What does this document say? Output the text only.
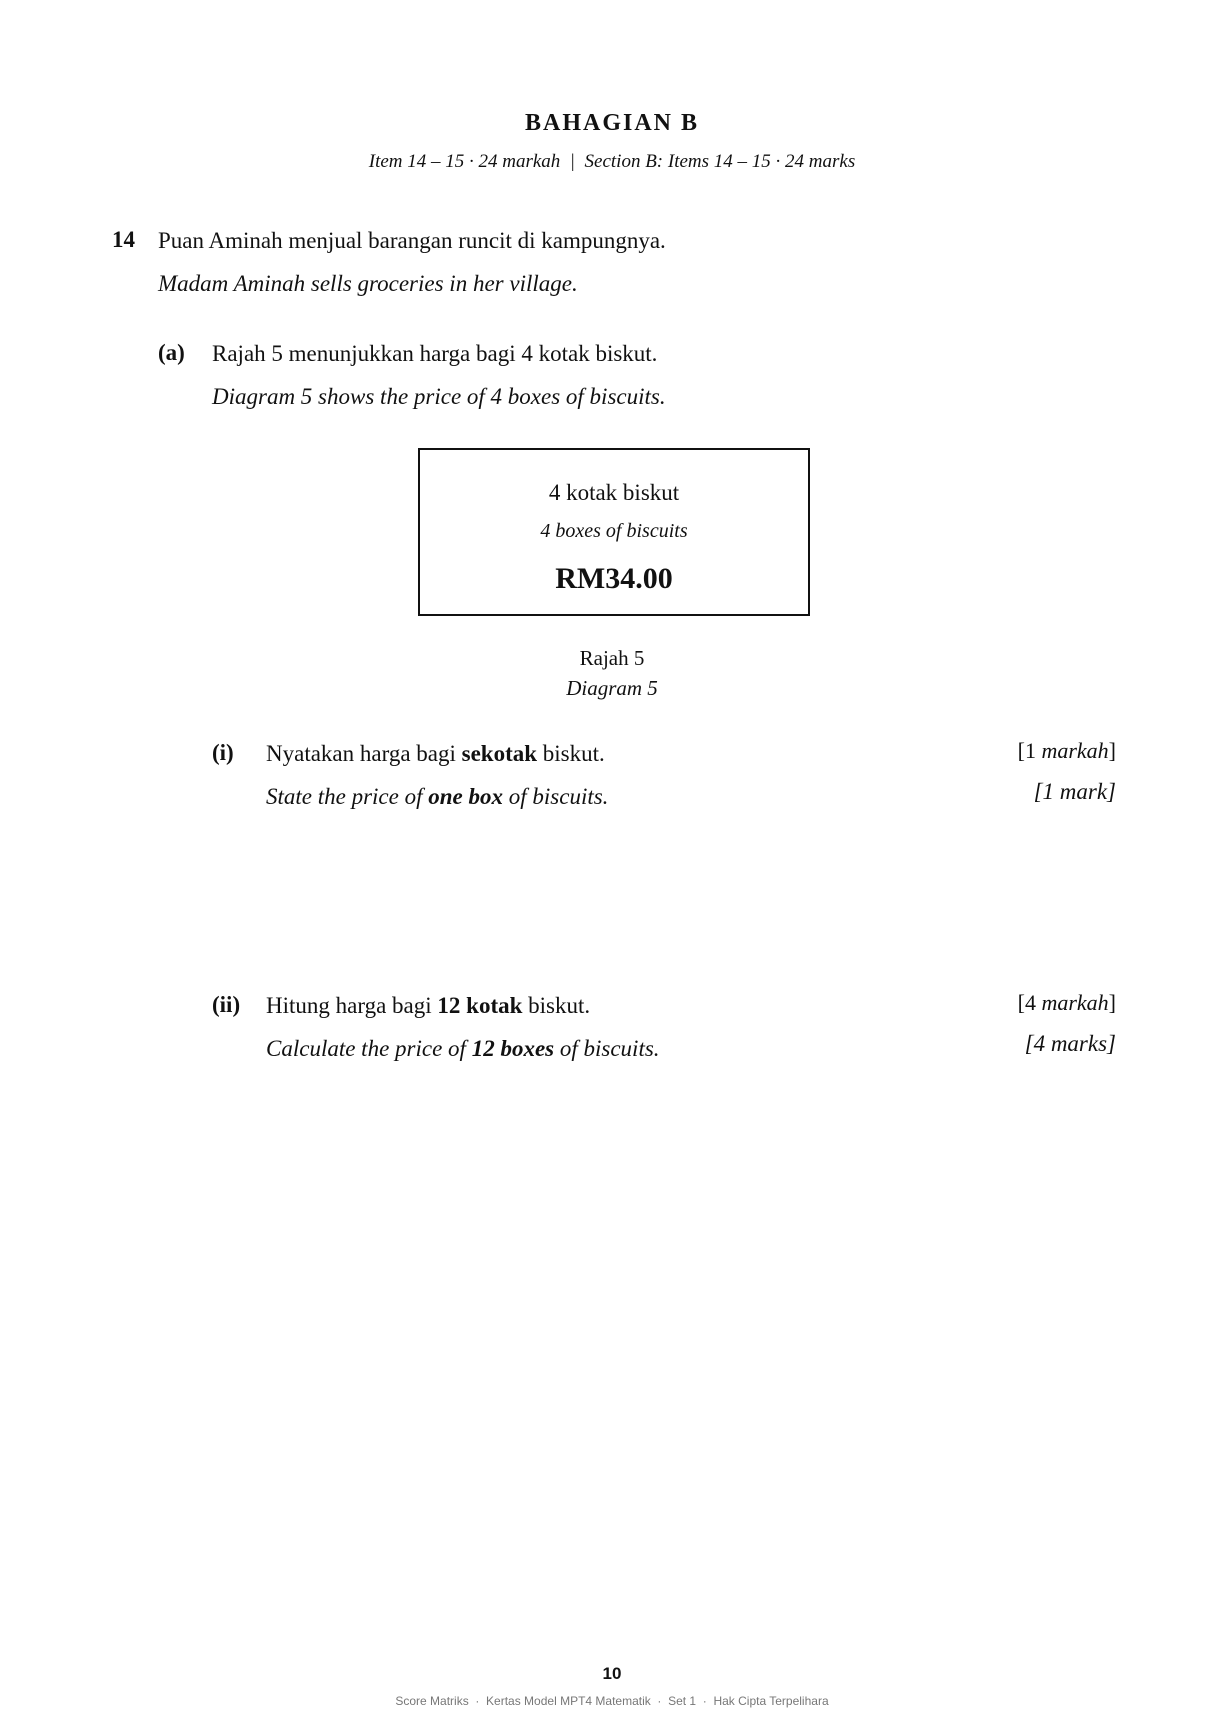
BAHAGIAN B
Item 14 – 15 · 24 markah  |  Section B: Items 14 – 15 · 24 marks
14 Puan Aminah menjual barangan runcit di kampungnya.
Madam Aminah sells groceries in her village.
(a) Rajah 5 menunjukkan harga bagi 4 kotak biskut.
Diagram 5 shows the price of 4 boxes of biscuits.
4 kotak biskut
4 boxes of biscuits
RM34.00
Rajah 5
Diagram 5
(i) Nyatakan harga bagi sekotak biskut.
State the price of one box of biscuits.
[1 markah]
[1 mark]
(ii) Hitung harga bagi 12 kotak biskut.
Calculate the price of 12 boxes of biscuits.
[4 markah]
[4 marks]
10
Score Matriks  ·  Kertas Model MPT4 Matematik  ·  Set 1  ·  Hak Cipta Terpelihara
